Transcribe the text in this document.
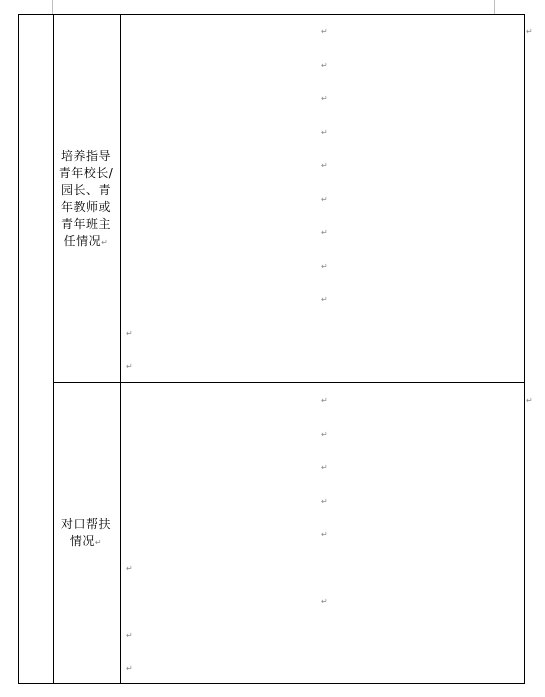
培养指导青年校长/园长、青年教师或青年班主任情况↵
对口帮扶情况↵
↵
↵
↵
↵
↵
↵
↵
↵
↵
↵
↵
↵
↵
↵
↵
↵
↵
↵
↵
↵
↵
↵
